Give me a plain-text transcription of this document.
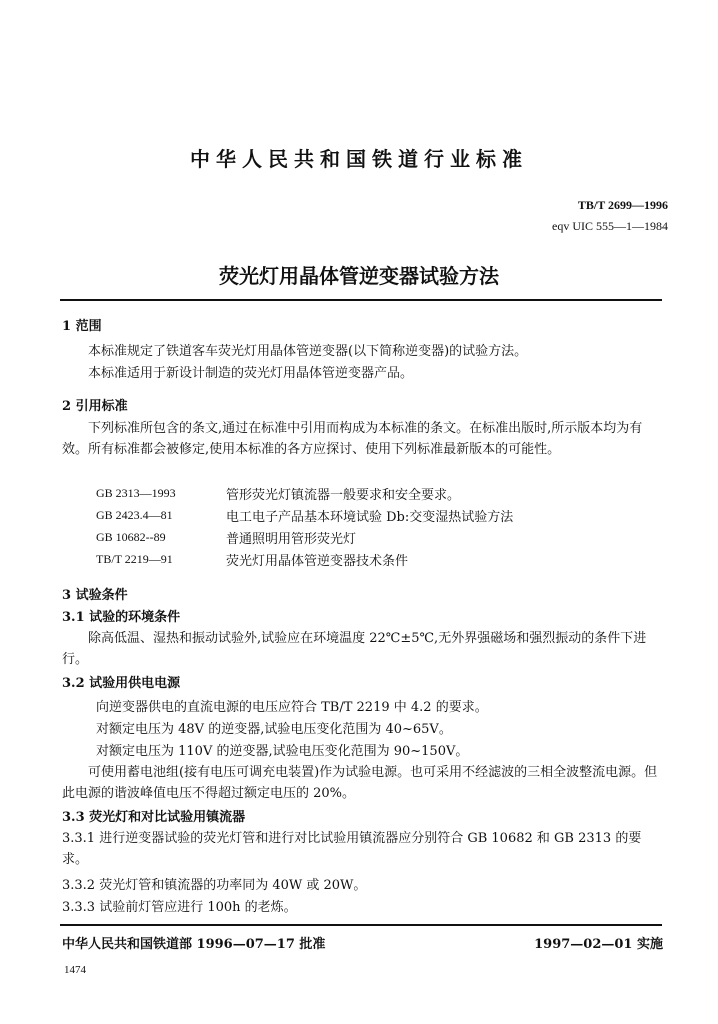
中华人民共和国铁道行业标准
TB/T 2699—1996
eqv UIC 555—1—1984
荧光灯用晶体管逆变器试验方法
1 范围
本标准规定了铁道客车荧光灯用晶体管逆变器(以下简称逆变器)的试验方法。
本标准适用于新设计制造的荧光灯用晶体管逆变器产品。
2 引用标准
下列标准所包含的条文,通过在标准中引用而构成为本标准的条文。在标准出版时,所示版本均为有效。所有标准都会被修定,使用本标准的各方应探讨、使用下列标准最新版本的可能性。
GB 2313—1993	管形荧光灯镇流器一般要求和安全要求。
GB 2423.4—81	电工电子产品基本环境试验 Db:交变湿热试验方法
GB 10682--89	普通照明用管形荧光灯
TB/T 2219—91	荧光灯用晶体管逆变器技术条件
3 试验条件
3.1 试验的环境条件
除高低温、湿热和振动试验外,试验应在环境温度 22℃±5℃,无外界强磁场和强烈振动的条件下进行。
3.2 试验用供电电源
向逆变器供电的直流电源的电压应符合 TB/T 2219 中 4.2 的要求。
对额定电压为 48V 的逆变器,试验电压变化范围为 40~65V。
对额定电压为 110V 的逆变器,试验电压变化范围为 90~150V。
可使用蓄电池组(接有电压可调充电装置)作为试验电源。也可采用不经滤波的三相全波整流电源。但此电源的谐波峰值电压不得超过额定电压的 20%。
3.3 荧光灯和对比试验用镇流器
3.3.1 进行逆变器试验的荧光灯管和进行对比试验用镇流器应分别符合 GB 10682 和 GB 2313 的要求。
3.3.2 荧光灯管和镇流器的功率同为 40W 或 20W。
3.3.3 试验前灯管应进行 100h 的老炼。
中华人民共和国铁道部 1996—07—17 批准	1997—02—01 实施
1474
